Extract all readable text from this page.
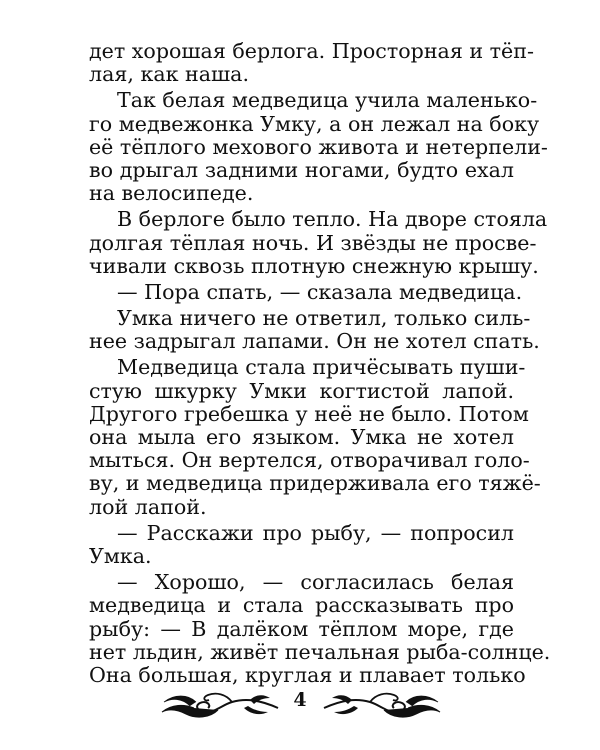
дет хорошая берлога. Просторная и тёп-
лая, как наша.
Так белая медведица учила маленько-
го медвежонка Умку, а он лежал на боку
её тёплого мехового живота и нетерпели-
во дрыгал задними ногами, будто ехал
на велосипеде.
В берлоге было тепло. На дворе стояла
долгая тёплая ночь. И звёзды не просве-
чивали сквозь плотную снежную крышу.
— Пора спать, — сказала медведица.
Умка ничего не ответил, только силь-
нее задрыгал лапами. Он не хотел спать.
Медведица стала причёсывать пуши-
стую шкурку Умки когтистой лапой.
Другого гребешка у неё не было. Потом
она мыла его языком. Умка не хотел
мыться. Он вертелся, отворачивал голо-
ву, и медведица придерживала его тяжё-
лой лапой.
— Расскажи про рыбу, — попросил
Умка.
— Хорошо, — согласилась белая
медведица и стала рассказывать про
рыбу: — В далёком тёплом море, где
нет льдин, живёт печальная рыба-солнце.
Она большая, круглая и плавает только
4
